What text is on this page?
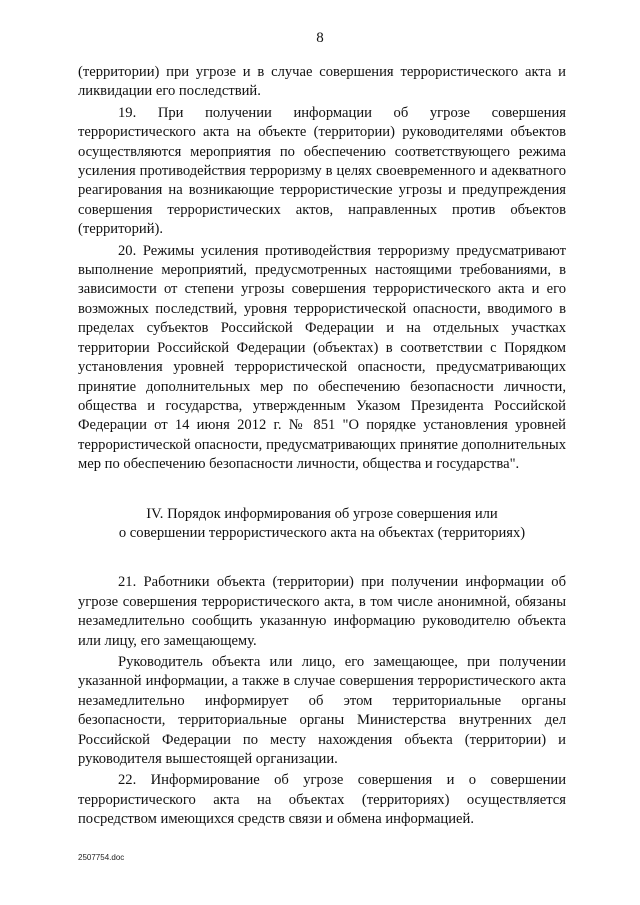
8

(территории) при угрозе и в случае совершения террористического акта и ликвидации его последствий.

19. При получении информации об угрозе совершения террористического акта на объекте (территории) руководителями объектов осуществляются мероприятия по обеспечению соответствующего режима усиления противодействия терроризму в целях своевременного и адекватного реагирования на возникающие террористические угрозы и предупреждения совершения террористических актов, направленных против объектов (территорий).

20. Режимы усиления противодействия терроризму предусматривают выполнение мероприятий, предусмотренных настоящими требованиями, в зависимости от степени угрозы совершения террористического акта и его возможных последствий, уровня террористической опасности, вводимого в пределах субъектов Российской Федерации и на отдельных участках территории Российской Федерации (объектах) в соответствии с Порядком установления уровней террористической опасности, предусматривающих принятие дополнительных мер по обеспечению безопасности личности, общества и государства, утвержденным Указом Президента Российской Федерации от 14 июня 2012 г. № 851 "О порядке установления уровней террористической опасности, предусматривающих принятие дополнительных мер по обеспечению безопасности личности, общества и государства".

IV. Порядок информирования об угрозе совершения или
о совершении террористического акта на объектах (территориях)

21. Работники объекта (территории) при получении информации об угрозе совершения террористического акта, в том числе анонимной, обязаны незамедлительно сообщить указанную информацию руководителю объекта или лицу, его замещающему.

Руководитель объекта или лицо, его замещающее, при получении указанной информации, а также в случае совершения террористического акта незамедлительно информирует об этом территориальные органы безопасности, территориальные органы Министерства внутренних дел Российской Федерации по месту нахождения объекта (территории) и руководителя вышестоящей организации.

22. Информирование об угрозе совершения и о совершении террористического акта на объектах (территориях) осуществляется посредством имеющихся средств связи и обмена информацией.

2507754.doc
